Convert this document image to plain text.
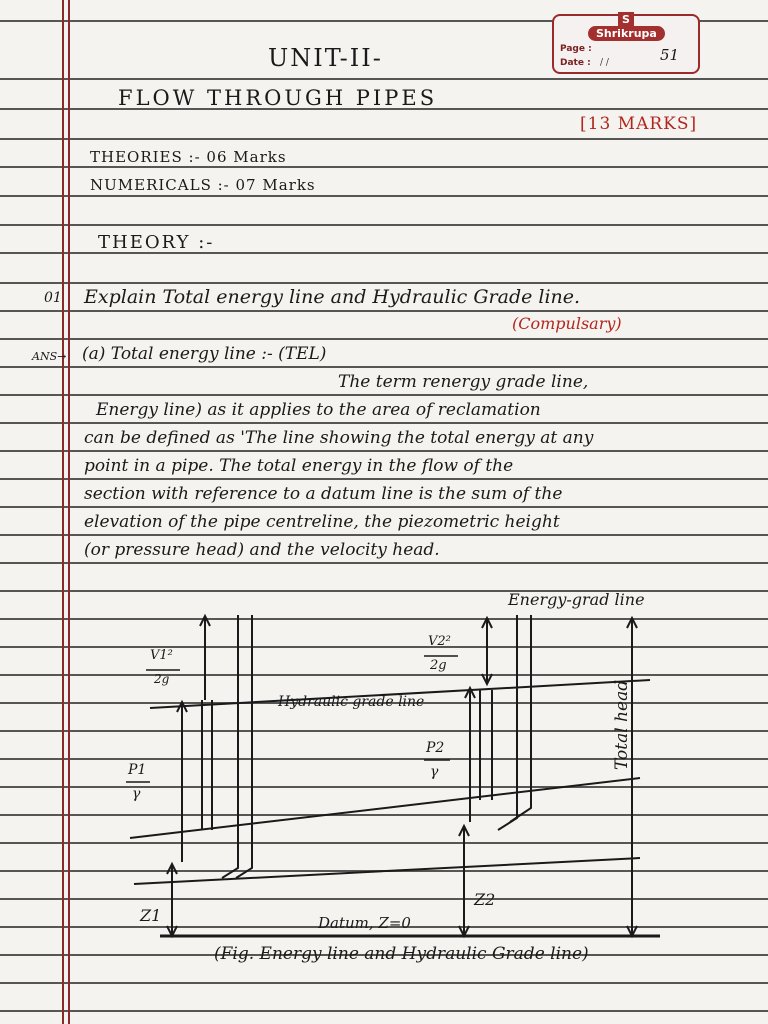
S
Shrikrupa
Page :
Date : / /	51
UNIT-II-
FLOW THROUGH PIPES
[13 MARKS]
THEORIES :- 06 Marks
NUMERICALS :- 07 Marks
THEORY :-
01 Explain Total energy line and Hydraulic Grade line.
(Compulsary)
ANS→ (a) Total energy line :- (TEL)
The term renergy grade line,
Energy line) as it applies to the area of reclamation
can be defined as 'The line showing the total energy at any
point in a pipe. The total energy in the flow of the
section with reference to a datum line is the sum of the
elevation of the pipe centreline, the piezometric height
(or pressure head) and the velocity head.
Energy-grad line
Hydraulic grade line
V1²
2g
V2²
2g
P1
γ
P2
γ
Total head
Z1
Z2
Datum, Z=0
(Fig. Energy line and Hydraulic Grade line)
